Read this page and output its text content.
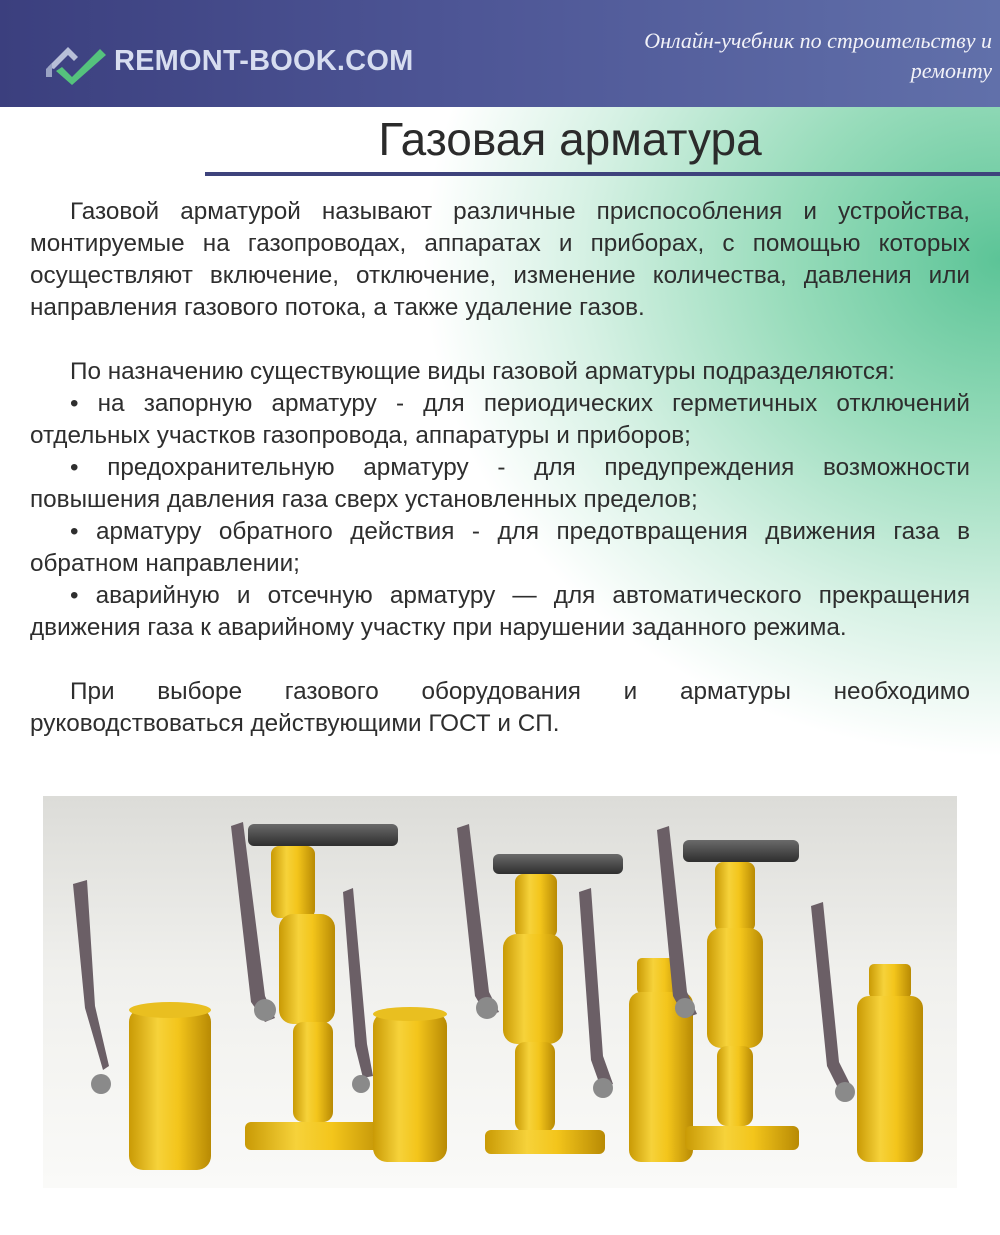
REMONT-BOOK.COM
Онлайн-учебник по строительству и ремонту
Газовая арматура

Газовой арматурой называют различные приспособления и устройства, монтируемые на газопроводах, аппаратах и приборах, с помощью которых осуществляют включение, отключение, изменение количества, давления или направления газового потока, а также удаление газов.

По назначению существующие виды газовой арматуры подразделяются:

• на запорную арматуру - для периодических герметичных отключений отдельных участков газопровода, аппаратуры и приборов;

• предохранительную арматуру - для предупреждения возможности повышения давления газа сверх установленных пределов;

• арматуру обратного действия - для предотвращения движения газа в обратном направлении;

• аварийную и отсечную арматуру — для автоматического прекращения движения газа к аварийному участку при нарушении заданного режима.

При выборе газового оборудования и арматуры необходимо руководствоваться действующими ГОСТ и СП.
